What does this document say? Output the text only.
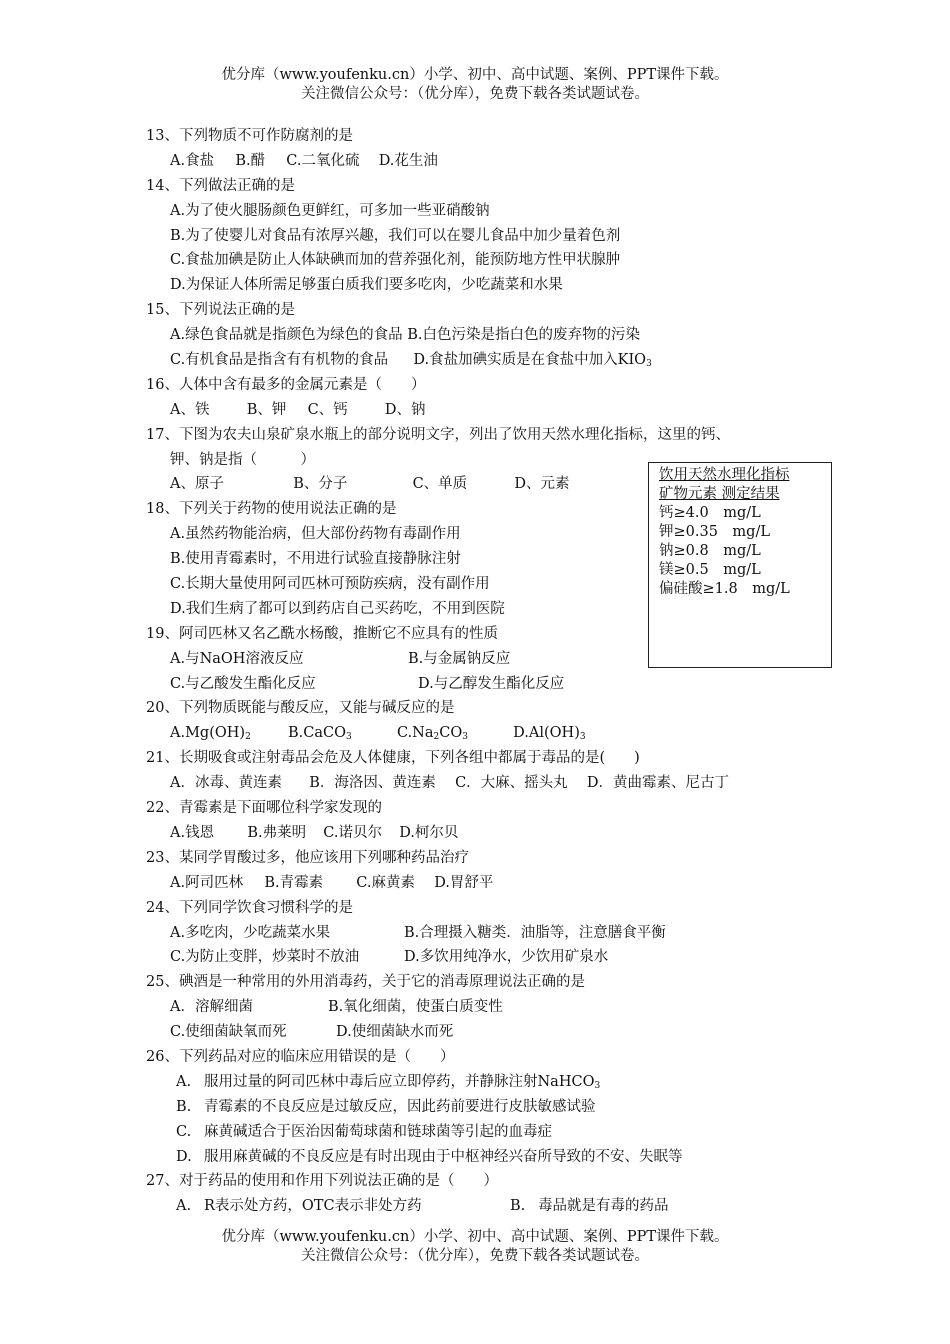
优分库（www.youfenku.cn）小学、初中、高中试题、案例、PPT课件下载。
关注微信公众号：（优分库），免费下载各类试题试卷。
13、下列物质不可作防腐剂的是
A.食盐 B.醋 C.二氧化硫 D.花生油
14、下列做法正确的是
A.为了使火腿肠颜色更鲜红，可多加一些亚硝酸钠
B.为了使婴儿对食品有浓厚兴趣，我们可以在婴儿食品中加少量着色剂
C.食盐加碘是防止人体缺碘而加的营养强化剂，能预防地方性甲状腺肿
D.为保证人体所需足够蛋白质我们要多吃肉，少吃蔬菜和水果
15、下列说法正确的是
A.绿色食品就是指颜色为绿色的食品 B.白色污染是指白色的废弃物的污染
C.有机食品是指含有有机物的食品 D.食盐加碘实质是在食盐中加入$KIO_3$
16、人体中含有最多的金属元素是（　　）
A、铁	B、钾 C、钙	D、钠
17、下图为农夫山泉矿泉水瓶上的部分说明文字，列出了饮用天然水理化指标，这里的钙、
钾、钠是指（　　　）
A、原子	B、分子	C、单质	D、元素
18、下列关于药物的使用说法正确的是
A.虽然药物能治病，但大部份药物有毒副作用
B.使用青霉素时，不用进行试验直接静脉注射
C.长期大量使用阿司匹林可预防疾病，没有副作用
D.我们生病了都可以到药店自己买药吃，不用到医院
19、阿司匹林又名乙酰水杨酸，推断它不应具有的性质
A.与NaOH溶液反应	B.与金属钠反应
C.与乙酸发生酯化反应	D.与乙醇发生酯化反应
20、下列物质既能与酸反应，又能与碱反应的是
$A.Mg(OH)_2$	B.CaCO$_3$	$C.Na_2CO_3$	$D.Al(OH)_3$
21、长期吸食或注射毒品会危及人体健康，下列各组中都属于毒品的是(　　)
A．冰毒、黄连素 B．海洛因、黄连素 C．大麻、摇头丸 D．黄曲霉素、尼古丁
22、青霉素是下面哪位科学家发现的
A.钱恩 B.弗莱明 C.诺贝尔 D.柯尔贝
23、某同学胃酸过多，他应该用下列哪种药品治疗
A.阿司匹林 B.青霉素 C.麻黄素 D.胃舒平
24、下列同学饮食习惯科学的是
A.多吃肉，少吃蔬菜水果	B.合理摄入糖类．油脂等，注意膳食平衡
C.为防止变胖，炒菜时不放油	D.多饮用纯净水，少饮用矿泉水
25、碘酒是一种常用的外用消毒药，关于它的消毒原理说法正确的是
A．溶解细菌	B.氧化细菌，使蛋白质变性
C.使细菌缺氧而死	D.使细菌缺水而死
26、下列药品对应的临床应用错误的是（　　）
A. 服用过量的阿司匹林中毒后应立即停药，并静脉注射NaHCO$_3$
B. 青霉素的不良反应是过敏反应，因此药前要进行皮肤敏感试验
C. 麻黄碱适合于医治因葡萄球菌和链球菌等引起的血毒症
D. 服用麻黄碱的不良反应是有时出现由于中枢神经兴奋所导致的不安、失眠等
27、对于药品的使用和作用下列说法正确的是（　　）
A. R表示处方药，OTC表示非处方药	B. 毒品就是有毒的药品
饮用天然水理化指标
矿物元素 测定结果
钙≥4.0　mg/L
钾≥0.35　mg/L
钠≥0.8　mg/L
镁≥0.5　mg/L
偏硅酸≥1.8　mg/L
优分库（www.youfenku.cn）小学、初中、高中试题、案例、PPT课件下载。
关注微信公众号：（优分库），免费下载各类试题试卷。
